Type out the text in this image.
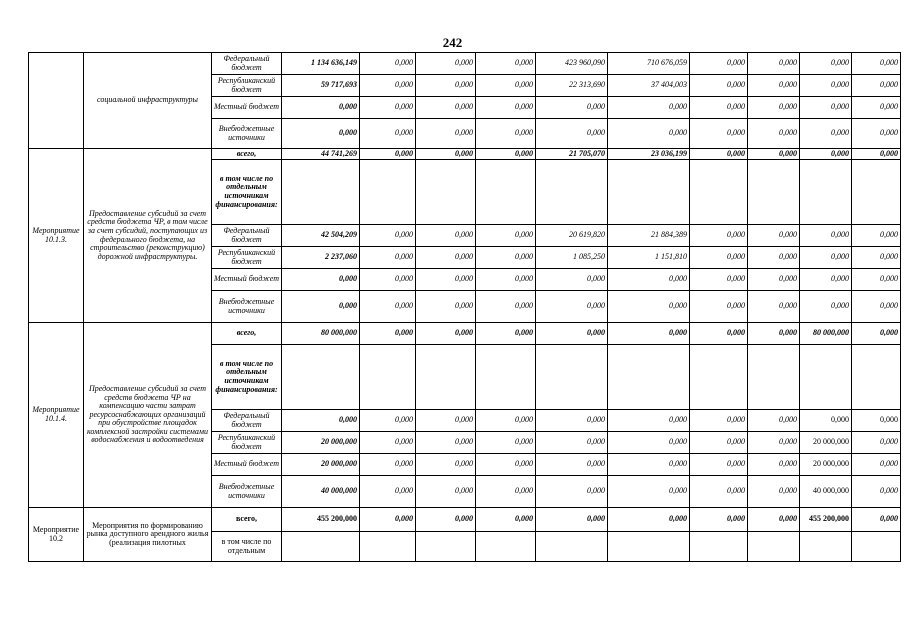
242
	социальной инфраструктуры	Федеральный бюджет	1 134 636,149	0,000	0,000	0,000	423 960,090	710 676,059	0,000	0,000	0,000	0,000
		Республиканский бюджет	59 717,693	0,000	0,000	0,000	22 313,690	37 404,003	0,000	0,000	0,000	0,000
		Местный бюджет	0,000	0,000	0,000	0,000	0,000	0,000	0,000	0,000	0,000	0,000
		Внебюджетные источники	0,000	0,000	0,000	0,000	0,000	0,000	0,000	0,000	0,000	0,000
Мероприятие 10.1.3.	Предоставление субсидий за счет средств бюджета ЧР, в том числе за счет субсидий, поступающих из федерального бюджета, на строительство (реконструкцию) дорожной инфраструктуры.	всего,	44 741,269	0,000	0,000	0,000	21 705,070	23 036,199	0,000	0,000	0,000	0,000
		в том числе по отдельным источникам финансирования:										
		Федеральный бюджет	42 504,209	0,000	0,000	0,000	20 619,820	21 884,389	0,000	0,000	0,000	0,000
		Республиканский бюджет	2 237,060	0,000	0,000	0,000	1 085,250	1 151,810	0,000	0,000	0,000	0,000
		Местный бюджет	0,000	0,000	0,000	0,000	0,000	0,000	0,000	0,000	0,000	0,000
		Внебюджетные источники	0,000	0,000	0,000	0,000	0,000	0,000	0,000	0,000	0,000	0,000
Мероприятие 10.1.4.	Предоставление субсидий за счет средств бюджета ЧР на компенсацию части затрат ресурсоснабжающих организаций при обустройстве площадок комплексной застройки системами водоснабжения и водоотведения	всего,	80 000,000	0,000	0,000	0,000	0,000	0,000	0,000	0,000	80 000,000	0,000
		в том числе по отдельным источникам финансирования:										
		Федеральный бюджет	0,000	0,000	0,000	0,000	0,000	0,000	0,000	0,000	0,000	0,000
		Республиканский бюджет	20 000,000	0,000	0,000	0,000	0,000	0,000	0,000	0,000	20 000,000	0,000
		Местный бюджет	20 000,000	0,000	0,000	0,000	0,000	0,000	0,000	0,000	20 000,000	0,000
		Внебюджетные источники	40 000,000	0,000	0,000	0,000	0,000	0,000	0,000	0,000	40 000,000	0,000
Мероприятие 10.2	Мероприятия по формированию рынка доступного арендного жилья (реализация пилотных	всего,	455 200,000	0,000	0,000	0,000	0,000	0,000	0,000	0,000	455 200,000	0,000
		в том числе по отдельным										
